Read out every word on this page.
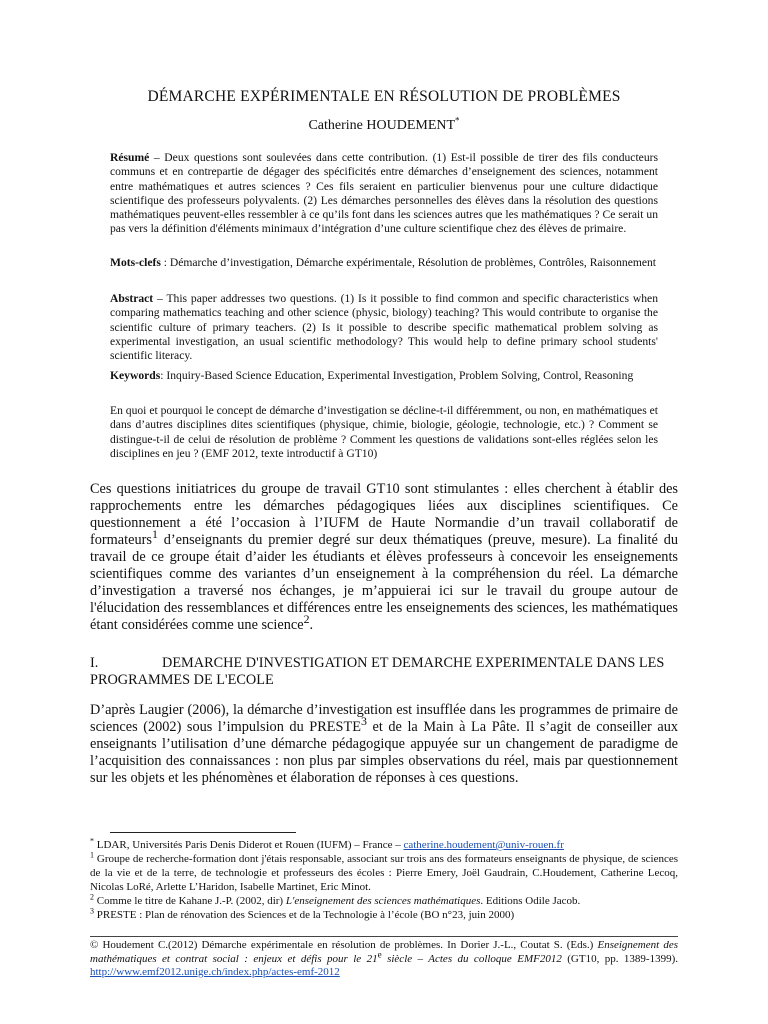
DÉMARCHE EXPÉRIMENTALE EN RÉSOLUTION DE PROBLÈMES
Catherine HOUDEMENT*
Résumé – Deux questions sont soulevées dans cette contribution. (1) Est-il possible de tirer des fils conducteurs communs et en contrepartie de dégager des spécificités entre démarches d’enseignement des sciences, notamment entre mathématiques et autres sciences ? Ces fils seraient en particulier bienvenus pour une culture didactique scientifique des professeurs polyvalents. (2) Les démarches personnelles des élèves dans la résolution des questions mathématiques peuvent-elles ressembler à ce qu’ils font dans les sciences autres que les mathématiques ? Ce serait un pas vers la définition d'éléments minimaux d’intégration d’une culture scientifique chez des élèves de primaire.
Mots-clefs : Démarche d’investigation, Démarche expérimentale, Résolution de problèmes, Contrôles, Raisonnement
Abstract – This paper addresses two questions. (1) Is it possible to find common and specific characteristics when comparing mathematics teaching and other science (physic, biology) teaching? This would contribute to organise the scientific culture of primary teachers. (2) Is it possible to describe specific mathematical problem solving as experimental investigation, an usual scientific methodology? This would help to define primary school students' scientific literacy.
Keywords: Inquiry-Based Science Education, Experimental Investigation, Problem Solving, Control, Reasoning
En quoi et pourquoi le concept de démarche d’investigation se décline-t-il différemment, ou non, en mathématiques et dans d’autres disciplines dites scientifiques (physique, chimie, biologie, géologie, technologie, etc.) ? Comment se distingue-t-il de celui de résolution de problème ? Comment les questions de validations sont-elles réglées selon les disciplines en jeu ? (EMF 2012, texte introductif à GT10)
Ces questions initiatrices du groupe de travail GT10 sont stimulantes : elles cherchent à établir des rapprochements entre les démarches pédagogiques liées aux disciplines scientifiques. Ce questionnement a été l’occasion à l’IUFM de Haute Normandie d’un travail collaboratif de formateurs$^1$ d’enseignants du premier degré sur deux thématiques (preuve, mesure). La finalité du travail de ce groupe était d’aider les étudiants et élèves professeurs à concevoir les enseignements scientifiques comme des variantes d’un enseignement à la compréhension du réel. La démarche d’investigation a traversé nos échanges, je m’appuierai ici sur le travail du groupe autour de l'élucidation des ressemblances et différences entre les enseignements des sciences, les mathématiques étant considérées comme une science$^2$.
I.	DEMARCHE D'INVESTIGATION ET DEMARCHE EXPERIMENTALE DANS LES PROGRAMMES DE L'ECOLE
D’après Laugier (2006), la démarche d’investigation est insufflée dans les programmes de primaire de sciences (2002) sous l’impulsion du PRESTE$^3$ et de la Main à La Pâte. Il s’agit de conseiller aux enseignants l’utilisation d’une démarche pédagogique appuyée sur un changement de paradigme de l’acquisition des connaissances : non plus par simples observations du réel, mais par questionnement sur les objets et les phénomènes et élaboration de réponses à ces questions.
* LDAR, Universités Paris Denis Diderot et Rouen (IUFM) – France – catherine.houdement@univ-rouen.fr
$^1$ Groupe de recherche-formation dont j'étais responsable, associant sur trois ans des formateurs enseignants de physique, de sciences de la vie et de la terre, de technologie et professeurs des écoles : Pierre Emery, Joël Gaudrain, C.Houdement, Catherine Lecoq, Nicolas LoRé, Arlette L’Haridon, Isabelle Martinet, Eric Minot.
$^2$ Comme le titre de Kahane J.-P. (2002, dir) L'enseignement des sciences mathématiques. Editions Odile Jacob.
$^3$ PRESTE : Plan de rénovation des Sciences et de la Technologie à l’école (BO n°23, juin 2000)
© Houdement C.(2012) Démarche expérimentale en résolution de problèmes. In Dorier J.-L., Coutat S. (Eds.) Enseignement des mathématiques et contrat social : enjeux et défis pour le 21e siècle – Actes du colloque EMF2012 (GT10, pp. 1389-1399). http://www.emf2012.unige.ch/index.php/actes-emf-2012
